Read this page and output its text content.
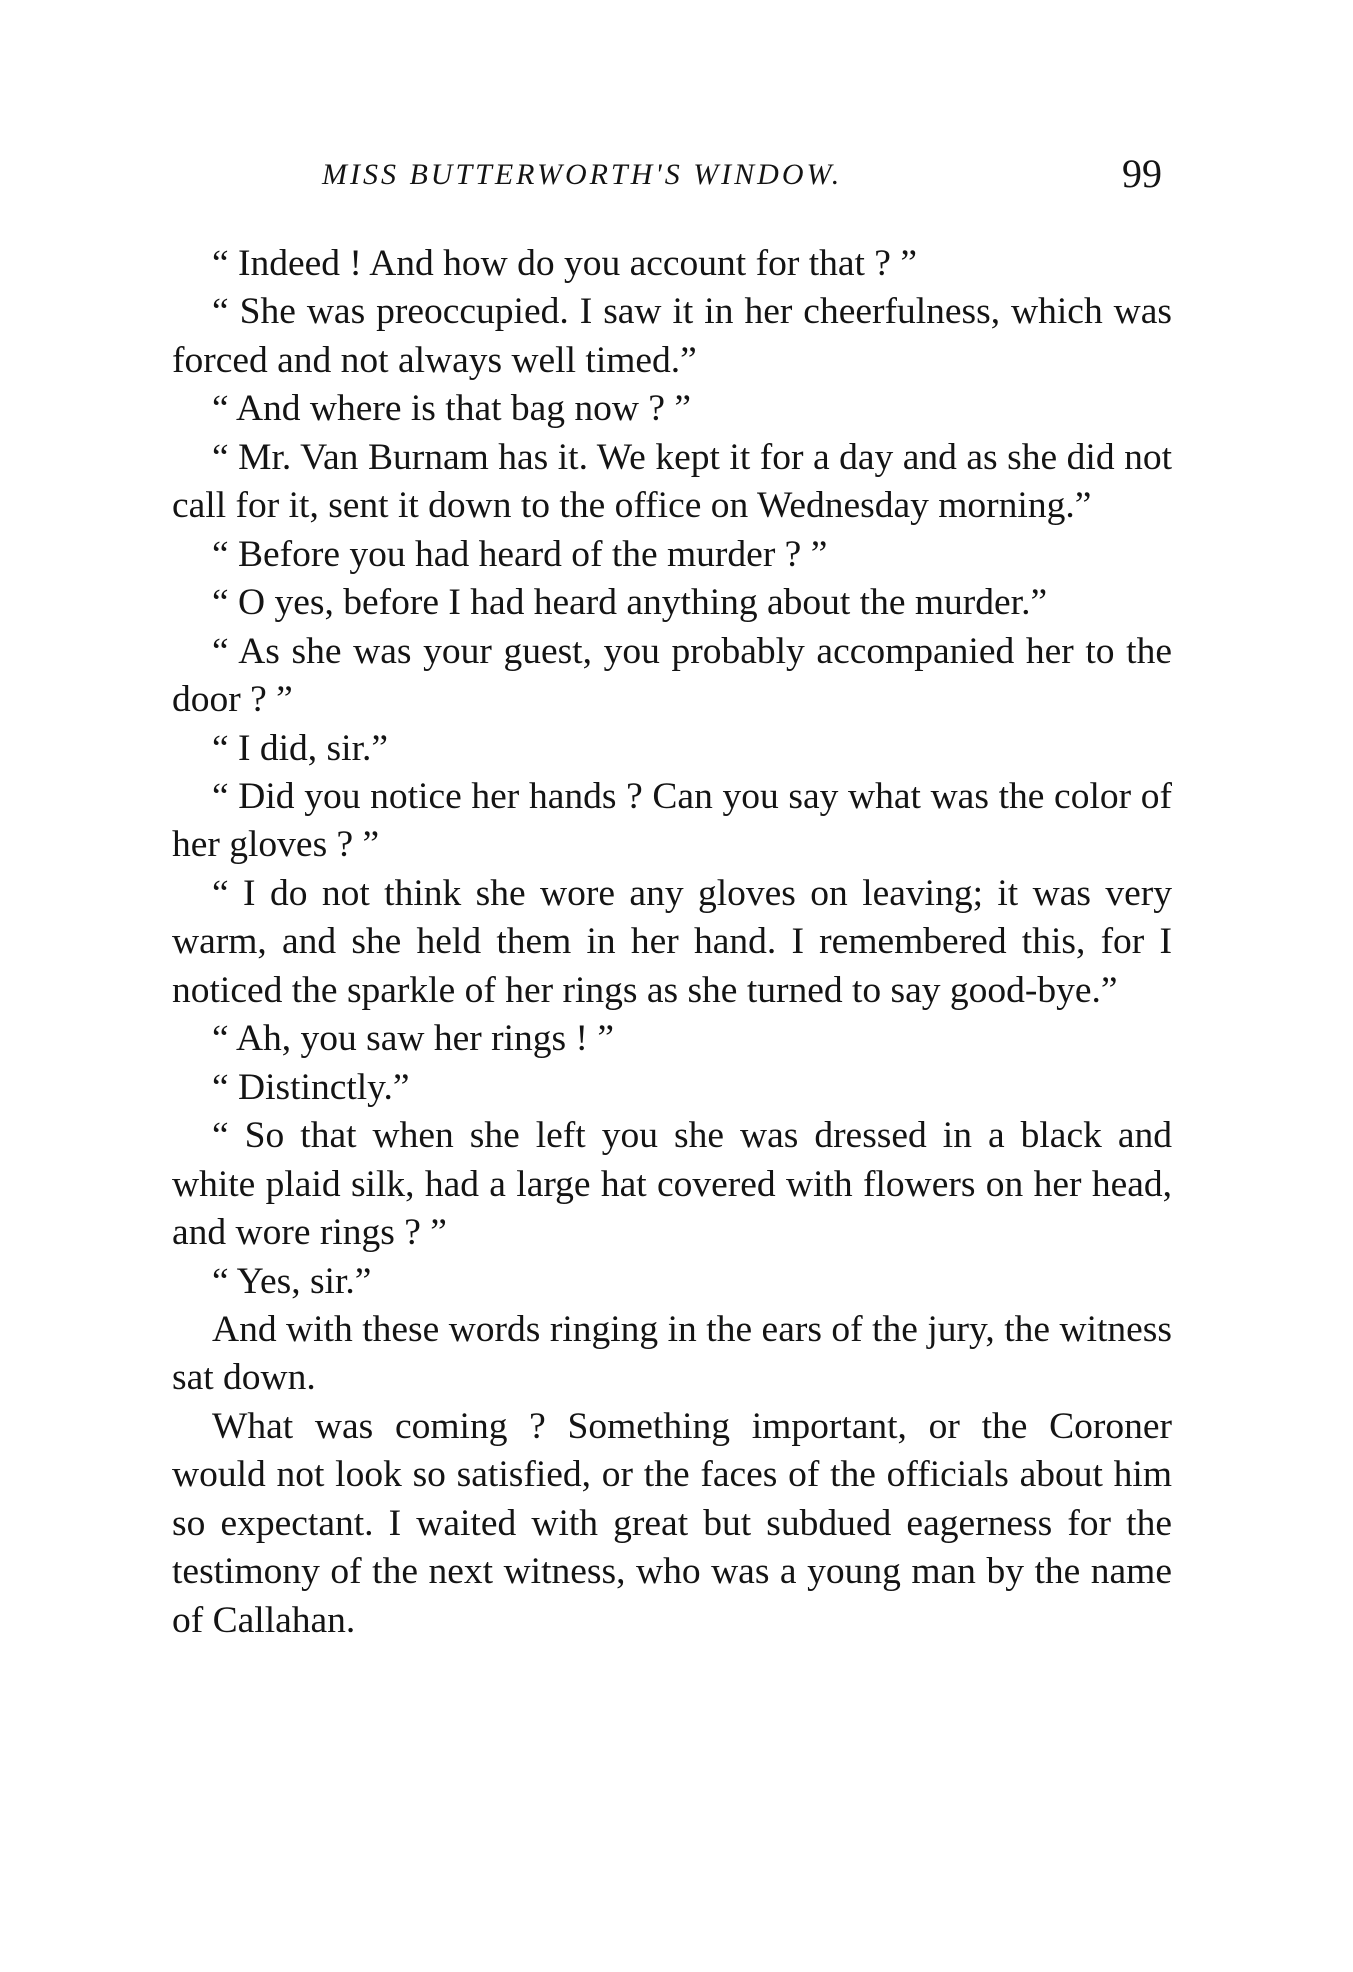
MISS BUTTERWORTH'S WINDOW.	99

“ Indeed ! And how do you account for that ? ”

“ She was preoccupied. I saw it in her cheerfulness, which was forced and not always well timed.”

“ And where is that bag now ? ”

“ Mr. Van Burnam has it. We kept it for a day and as she did not call for it, sent it down to the office on Wednesday morning.”

“ Before you had heard of the murder ? ”

“ O yes, before I had heard anything about the murder.”

“ As she was your guest, you probably accompanied her to the door ? ”

“ I did, sir.”

“ Did you notice her hands ? Can you say what was the color of her gloves ? ”

“ I do not think she wore any gloves on leaving; it was very warm, and she held them in her hand. I remembered this, for I noticed the sparkle of her rings as she turned to say good-bye.”

“ Ah, you saw her rings ! ”

“ Distinctly.”

“ So that when she left you she was dressed in a black and white plaid silk, had a large hat covered with flowers on her head, and wore rings ? ”

“ Yes, sir.”

And with these words ringing in the ears of the jury, the witness sat down.

What was coming ? Something important, or the Coroner would not look so satisfied, or the faces of the officials about him so expectant. I waited with great but subdued eagerness for the testimony of the next witness, who was a young man by the name of Callahan.
